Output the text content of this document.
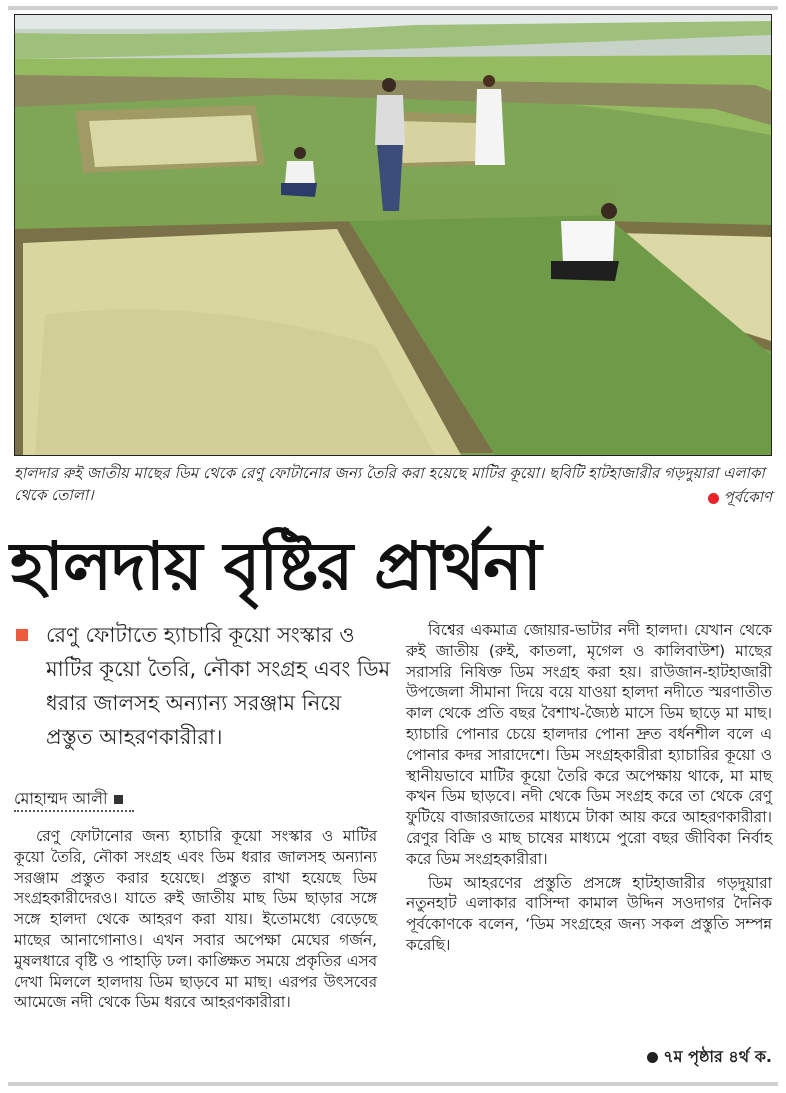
হালদার রুই জাতীয় মাছের ডিম থেকে রেণু ফোটানোর জন্য তৈরি করা হয়েছে মাটির কূয়ো। ছবিটি হাটহাজারীর গড়দুয়ারা এলাকা থেকে তোলা।	পূর্বকোণ
হালদায় বৃষ্টির প্রার্থনা
রেণু ফোটাতে হ্যাচারি কূয়ো সংস্কার ও মাটির কূয়ো তৈরি, নৌকা সংগ্রহ এবং ডিম ধরার জালসহ অন্যান্য সরঞ্জাম নিয়ে প্রস্তুত আহরণকারীরা।
মোহাম্মদ আলী

রেণু ফোটানোর জন্য হ্যাচারি কূয়ো সংস্কার ও মাটির কূয়ো তৈরি, নৌকা সংগ্রহ এবং ডিম ধরার জালসহ অন্যান্য সরঞ্জাম প্রস্তুত করার হয়েছে। প্রস্তুত রাখা হয়েছে ডিম সংগ্রহকারীদেরও। যাতে রুই জাতীয় মাছ ডিম ছাড়ার সঙ্গে সঙ্গে হালদা থেকে আহরণ করা যায়। ইতোমধ্যে বেড়েছে মাছের আনাগোনাও। এখন সবার অপেক্ষা মেঘের গর্জন, মুষলধারে বৃষ্টি ও পাহাড়ি ঢল। কাঙ্ক্ষিত সময়ে প্রকৃতির এসব দেখা মিললে হালদায় ডিম ছাড়বে মা মাছ। এরপর উৎসবের আমেজে নদী থেকে ডিম ধরবে আহরণকারীরা।

বিশ্বের একমাত্র জোয়ার-ভাটার নদী হালদা। যেখান থেকে রুই জাতীয় (রুই, কাতলা, মৃগেল ও কালিবাউশ) মাছের সরাসরি নিষিক্ত ডিম সংগ্রহ করা হয়। রাউজান-হাটহাজারী উপজেলা সীমানা দিয়ে বয়ে যাওয়া হালদা নদীতে স্মরণাতীত কাল থেকে প্রতি বছর বৈশাখ-জ্যৈষ্ঠ মাসে ডিম ছাড়ে মা মাছ। হ্যাচারি পোনার চেয়ে হালদার পোনা দ্রুত বর্ধনশীল বলে এ পোনার কদর সারাদেশে। ডিম সংগ্রহকারীরা হ্যাচারির কূয়ো ও স্থানীয়ভাবে মাটির কূয়ো তৈরি করে অপেক্ষায় থাকে, মা মাছ কখন ডিম ছাড়বে। নদী থেকে ডিম সংগ্রহ করে তা থেকে রেণু ফুটিয়ে বাজারজাতের মাধ্যমে টাকা আয় করে আহরণকারীরা। রেণুর বিক্রি ও মাছ চাষের মাধ্যমে পুরো বছর জীবিকা নির্বাহ করে ডিম সংগ্রহকারীরা।

ডিম আহরণের প্রস্তুতি প্রসঙ্গে হাটহাজারীর গড়দুয়ারা নতুনহাট এলাকার বাসিন্দা কামাল উদ্দিন সওদাগর দৈনিক পূর্বকোণকে বলেন, ‘ডিম সংগ্রহের জন্য সকল প্রস্তুতি সম্পন্ন করেছি।

৭ম পৃষ্ঠার ৪র্থ ক.
